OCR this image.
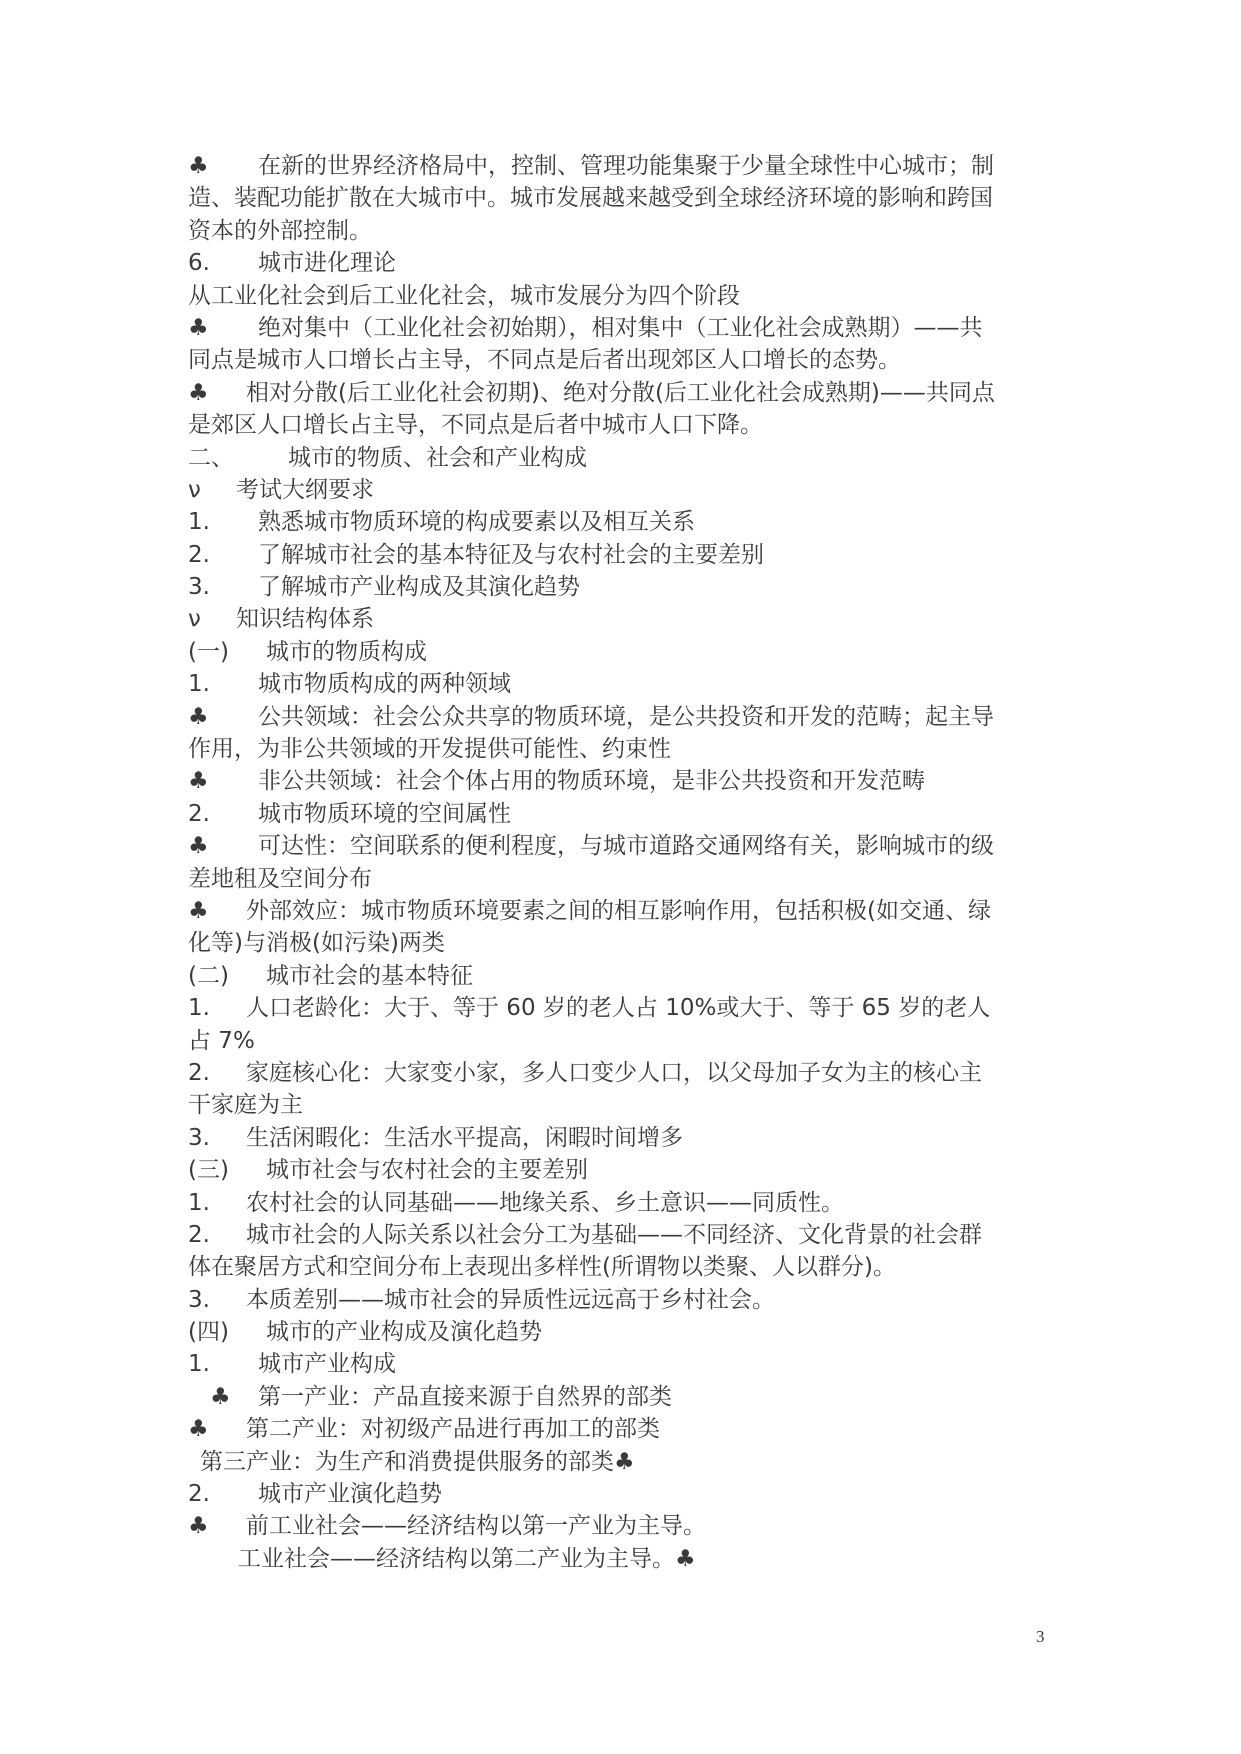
♣ 在新的世界经济格局中，控制、管理功能集聚于少量全球性中心城市；制
造、装配功能扩散在大城市中。城市发展越来越受到全球经济环境的影响和跨国
资本的外部控制。
6. 城市进化理论
从工业化社会到后工业化社会，城市发展分为四个阶段
♣ 绝对集中（工业化社会初始期），相对集中（工业化社会成熟期）——共
同点是城市人口增长占主导，不同点是后者出现郊区人口增长的态势。
♣ 相对分散(后工业化社会初期)、绝对分散(后工业化社会成熟期)——共同点
是郊区人口增长占主导，不同点是后者中城市人口下降。
二、 城市的物质、社会和产业构成
ν 考试大纲要求
1. 熟悉城市物质环境的构成要素以及相互关系
2. 了解城市社会的基本特征及与农村社会的主要差别
3. 了解城市产业构成及其演化趋势
ν 知识结构体系
(一) 城市的物质构成
1. 城市物质构成的两种领域
♣ 公共领域：社会公众共享的物质环境，是公共投资和开发的范畴；起主导
作用，为非公共领域的开发提供可能性、约束性
♣ 非公共领域：社会个体占用的物质环境，是非公共投资和开发范畴
2. 城市物质环境的空间属性
♣ 可达性：空间联系的便利程度，与城市道路交通网络有关，影响城市的级
差地租及空间分布
♣ 外部效应：城市物质环境要素之间的相互影响作用，包括积极(如交通、绿
化等)与消极(如污染)两类
(二) 城市社会的基本特征
1. 人口老龄化：大于、等于 60 岁的老人占 10%或大于、等于 65 岁的老人
占 7%
2. 家庭核心化：大家变小家，多人口变少人口，以父母加子女为主的核心主
干家庭为主
3. 生活闲暇化：生活水平提高，闲暇时间增多
(三) 城市社会与农村社会的主要差别
1. 农村社会的认同基础——地缘关系、乡土意识——同质性。
2. 城市社会的人际关系以社会分工为基础——不同经济、文化背景的社会群
体在聚居方式和空间分布上表现出多样性(所谓物以类聚、人以群分)。
3. 本质差别——城市社会的异质性远远高于乡村社会。
(四) 城市的产业构成及演化趋势
1. 城市产业构成
♣ 第一产业：产品直接来源于自然界的部类
♣ 第二产业：对初级产品进行再加工的部类
第三产业：为生产和消费提供服务的部类♣
2. 城市产业演化趋势
♣ 前工业社会——经济结构以第一产业为主导。
工业社会——经济结构以第二产业为主导。♣
3
